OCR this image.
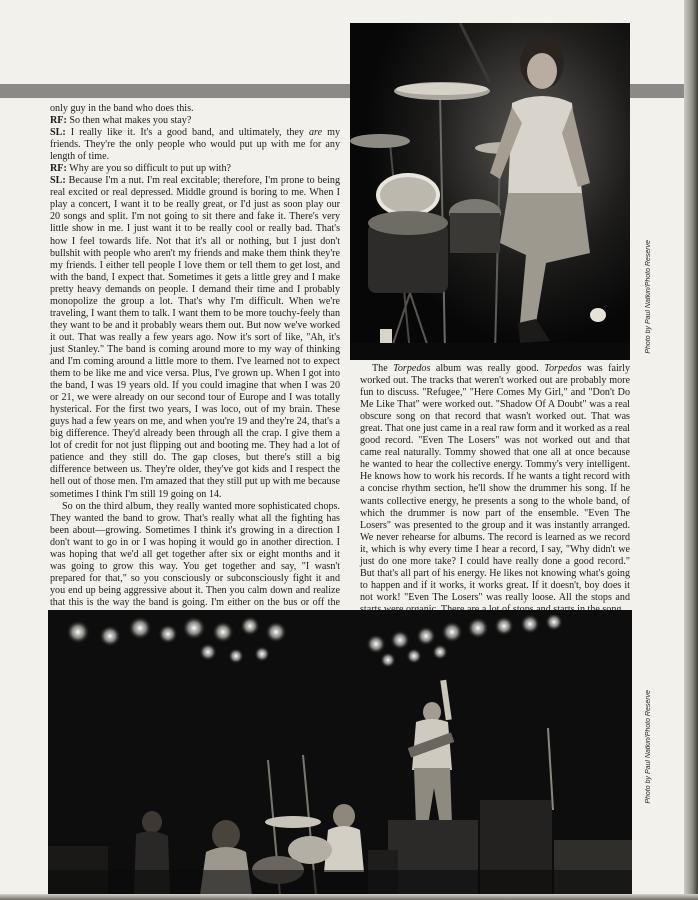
Photo by Paul Natkin/Photo Reserve

only guy in the band who does this.

RF: So then what makes you stay?

SL: I really like it. It's a good band, and ultimately, they are my friends. They're the only people who would put up with me for any length of time.

RF: Why are you so difficult to put up with?

SL: Because I'm a nut. I'm real excitable; therefore, I'm prone to being real excited or real depressed. Middle ground is boring to me. When I play a concert, I want it to be really great, or I'd just as soon play our 20 songs and split. I'm not going to sit there and fake it. There's very little show in me. I just want it to be really cool or really bad. That's how I feel towards life. Not that it's all or nothing, but I just don't bullshit with people who aren't my friends and make them think they're my friends. I either tell people I love them or tell them to get lost, and with the band, I expect that. Sometimes it gets a little grey and I make pretty heavy demands on people. I demand their time and I probably monopolize the group a lot. That's why I'm difficult. When we're traveling, I want them to talk. I want them to be more touchy-feely than they want to be and it probably wears them out. But now we've worked it out. That was really a few years ago. Now it's sort of like, "Ah, it's just Stanley." The band is coming around more to my way of thinking and I'm coming around a little more to them. I've learned not to expect them to be like me and vice versa. Plus, I've grown up. When I got into the band, I was 19 years old. If you could imagine that when I was 20 or 21, we were already on our second tour of Europe and I was totally hysterical. For the first two years, I was loco, out of my brain. These guys had a few years on me, and when you're 19 and they're 24, that's a big difference. They'd already been through all the crap. I give them a lot of credit for not just flipping out and booting me. They had a lot of patience and they still do. The gap closes, but there's still a big difference between us. They're older, they've got kids and I respect the hell out of those men. I'm amazed that they still put up with me because sometimes I think I'm still 19 going on 14.

So on the third album, they really wanted more sophisticated chops. They wanted the band to grow. That's really what all the fighting has been about—growing. Sometimes I think it's growing in a direction I don't want to go in or I was hoping it would go in another direction. I was hoping that we'd all get together after six or eight months and it was going to grow this way. You get together and say, "I wasn't prepared for that," so you consciously or subconsciously fight it and you end up being aggressive about it. Then you calm down and realize that this is the way the band is going. I'm either on the bus or off the

The Torpedos album was really good. Torpedos was fairly worked out. The tracks that weren't worked out are probably more fun to discuss. "Refugee," "Here Comes My Girl," and "Don't Do Me Like That" were worked out. "Shadow Of A Doubt" was a real obscure song on that record that wasn't worked out. That was great. That one just came in a real raw form and it worked as a real good record. "Even The Losers" was not worked out and that came real naturally. Tommy showed that one all at once because he wanted to hear the collective energy. Tommy's very intelligent. He knows how to work his records. If he wants a tight record with a concise rhythm section, he'll show the drummer his song. If he wants collective energy, he presents a song to the whole band, of which the drummer is now part of the ensemble. "Even The Losers" was presented to the group and it was instantly arranged. We never rehearse for albums. The record is learned as we record it, which is why every time I hear a record, I say, "Why didn't we just do one more take? I could have really done a good record." But that's all part of his energy. He likes not knowing what's going to happen and if it works, it works great. If it doesn't, boy does it not work! "Even The Losers" was really loose. All the stops and

Photo by Paul Natkin/Photo Reserve
